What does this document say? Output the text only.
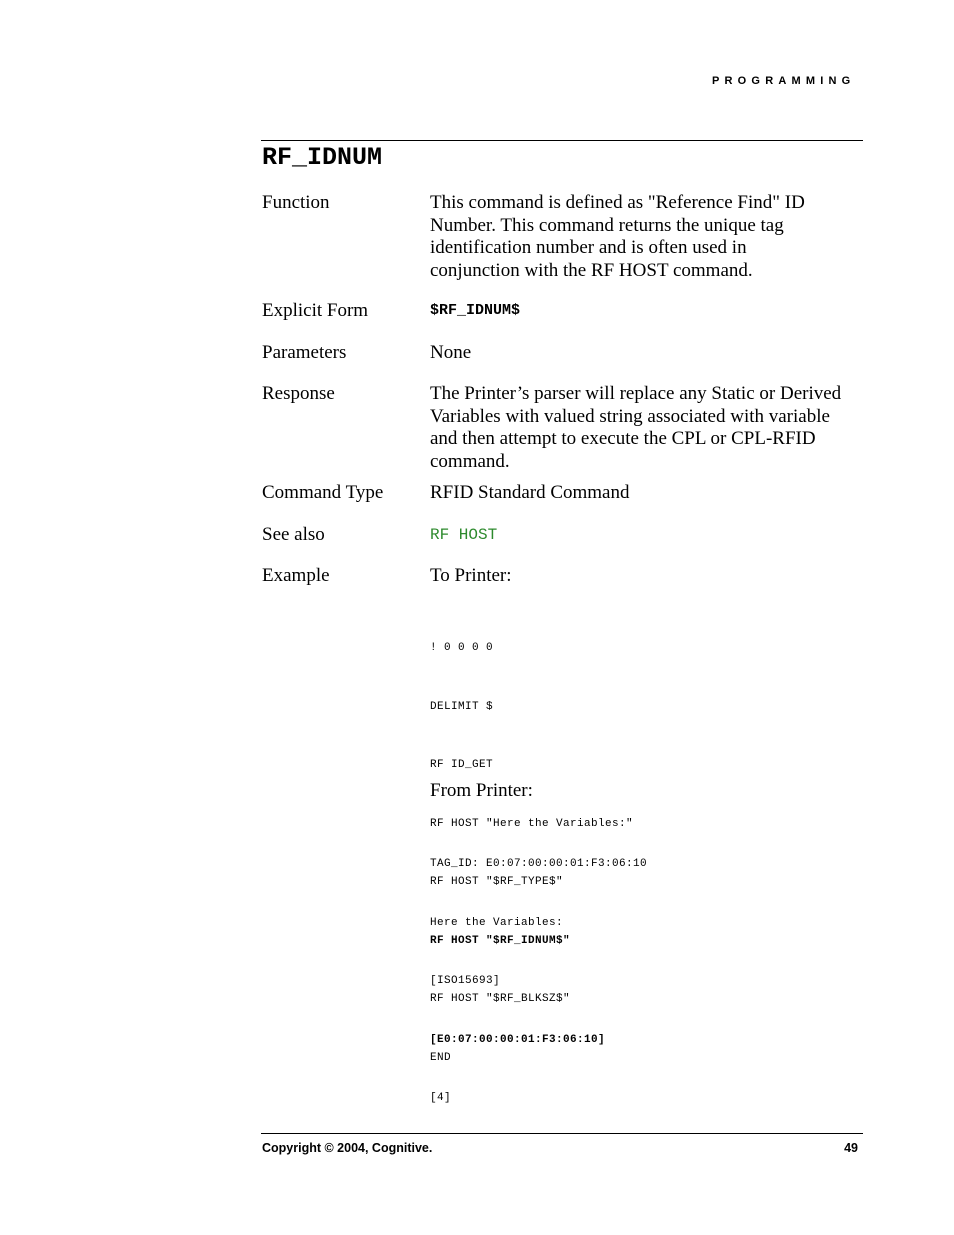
PROGRAMMING
RF_IDNUM
Function	This command is defined as "Reference Find" ID Number. This command returns the unique tag identification number and is often used in conjunction with the RF HOST command.
Explicit Form	$RF_IDNUM$
Parameters	None
Response	The Printer’s parser will replace any Static or Derived Variables with valued string associated with variable and then attempt to execute the CPL or CPL-RFID command.
Command Type	RFID Standard Command
See also	RF HOST
Example	To Printer:

! 0 0 0 0

DELIMIT $

RF ID_GET

RF HOST "Here the Variables:"

RF HOST "$RF_TYPE$"

RF HOST "$RF_IDNUM$"

RF HOST "$RF_BLKSZ$"

END

From Printer:

TAG_ID: E0:07:00:00:01:F3:06:10

Here the Variables:

[ISO15693]

[E0:07:00:00:01:F3:06:10]

[4]

Copyright © 2004, Cognitive.	49
